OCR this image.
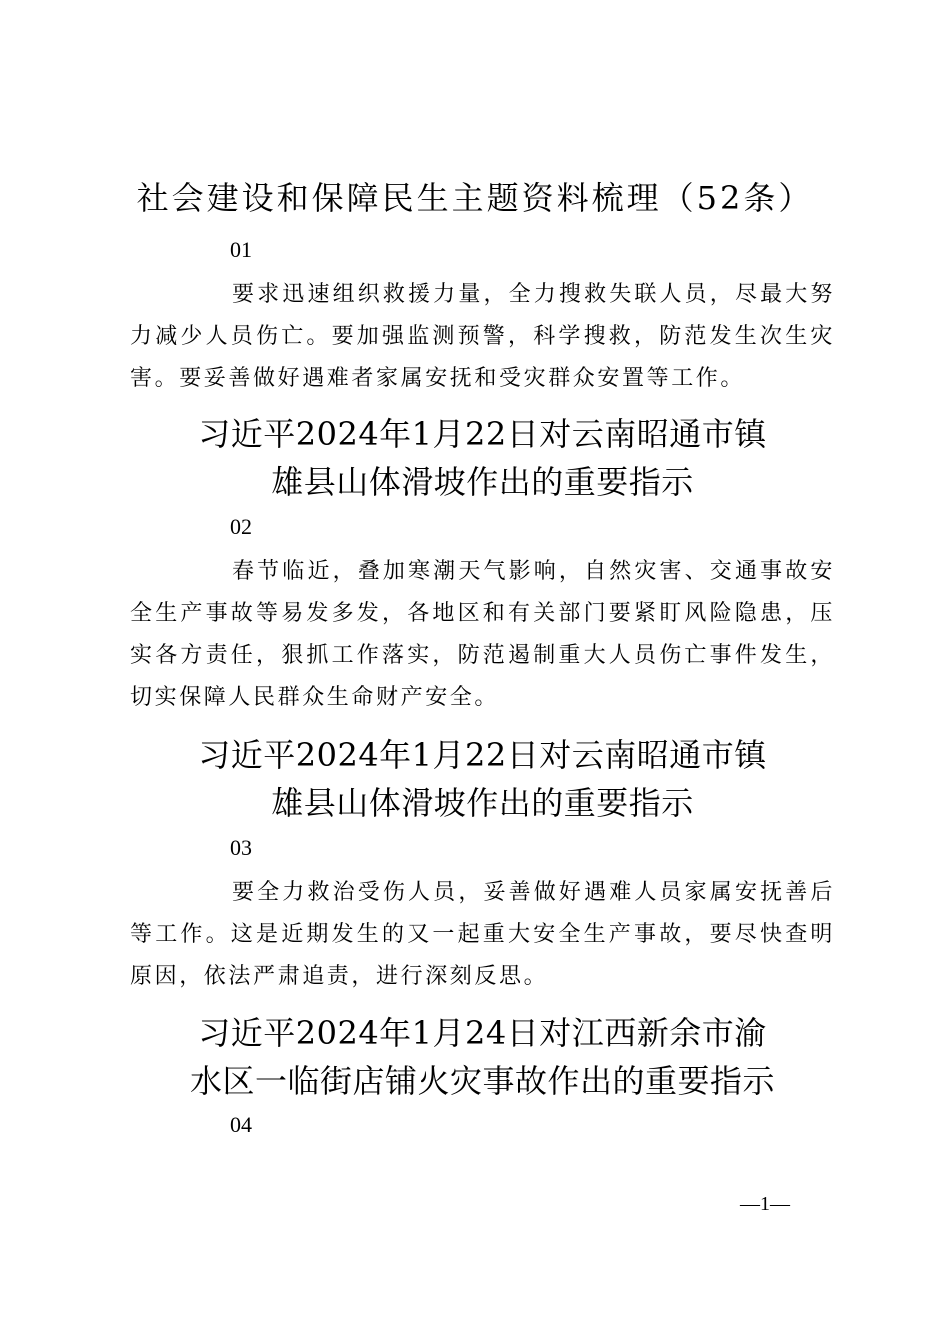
社会建设和保障民生主题资料梳理（52条）
01
要求迅速组织救援力量，全力搜救失联人员，尽最大努力减少人员伤亡。要加强监测预警，科学搜救，防范发生次生灾害。要妥善做好遇难者家属安抚和受灾群众安置等工作。
习近平2024年1月22日对云南昭通市镇
雄县山体滑坡作出的重要指示
02
春节临近，叠加寒潮天气影响，自然灾害、交通事故安全生产事故等易发多发，各地区和有关部门要紧盯风险隐患，压实各方责任，狠抓工作落实，防范遏制重大人员伤亡事件发生，切实保障人民群众生命财产安全。
习近平2024年1月22日对云南昭通市镇
雄县山体滑坡作出的重要指示
03
要全力救治受伤人员，妥善做好遇难人员家属安抚善后等工作。这是近期发生的又一起重大安全生产事故，要尽快查明原因，依法严肃追责，进行深刻反思。
习近平2024年1月24日对江西新余市渝
水区一临街店铺火灾事故作出的重要指示
04
—1—
